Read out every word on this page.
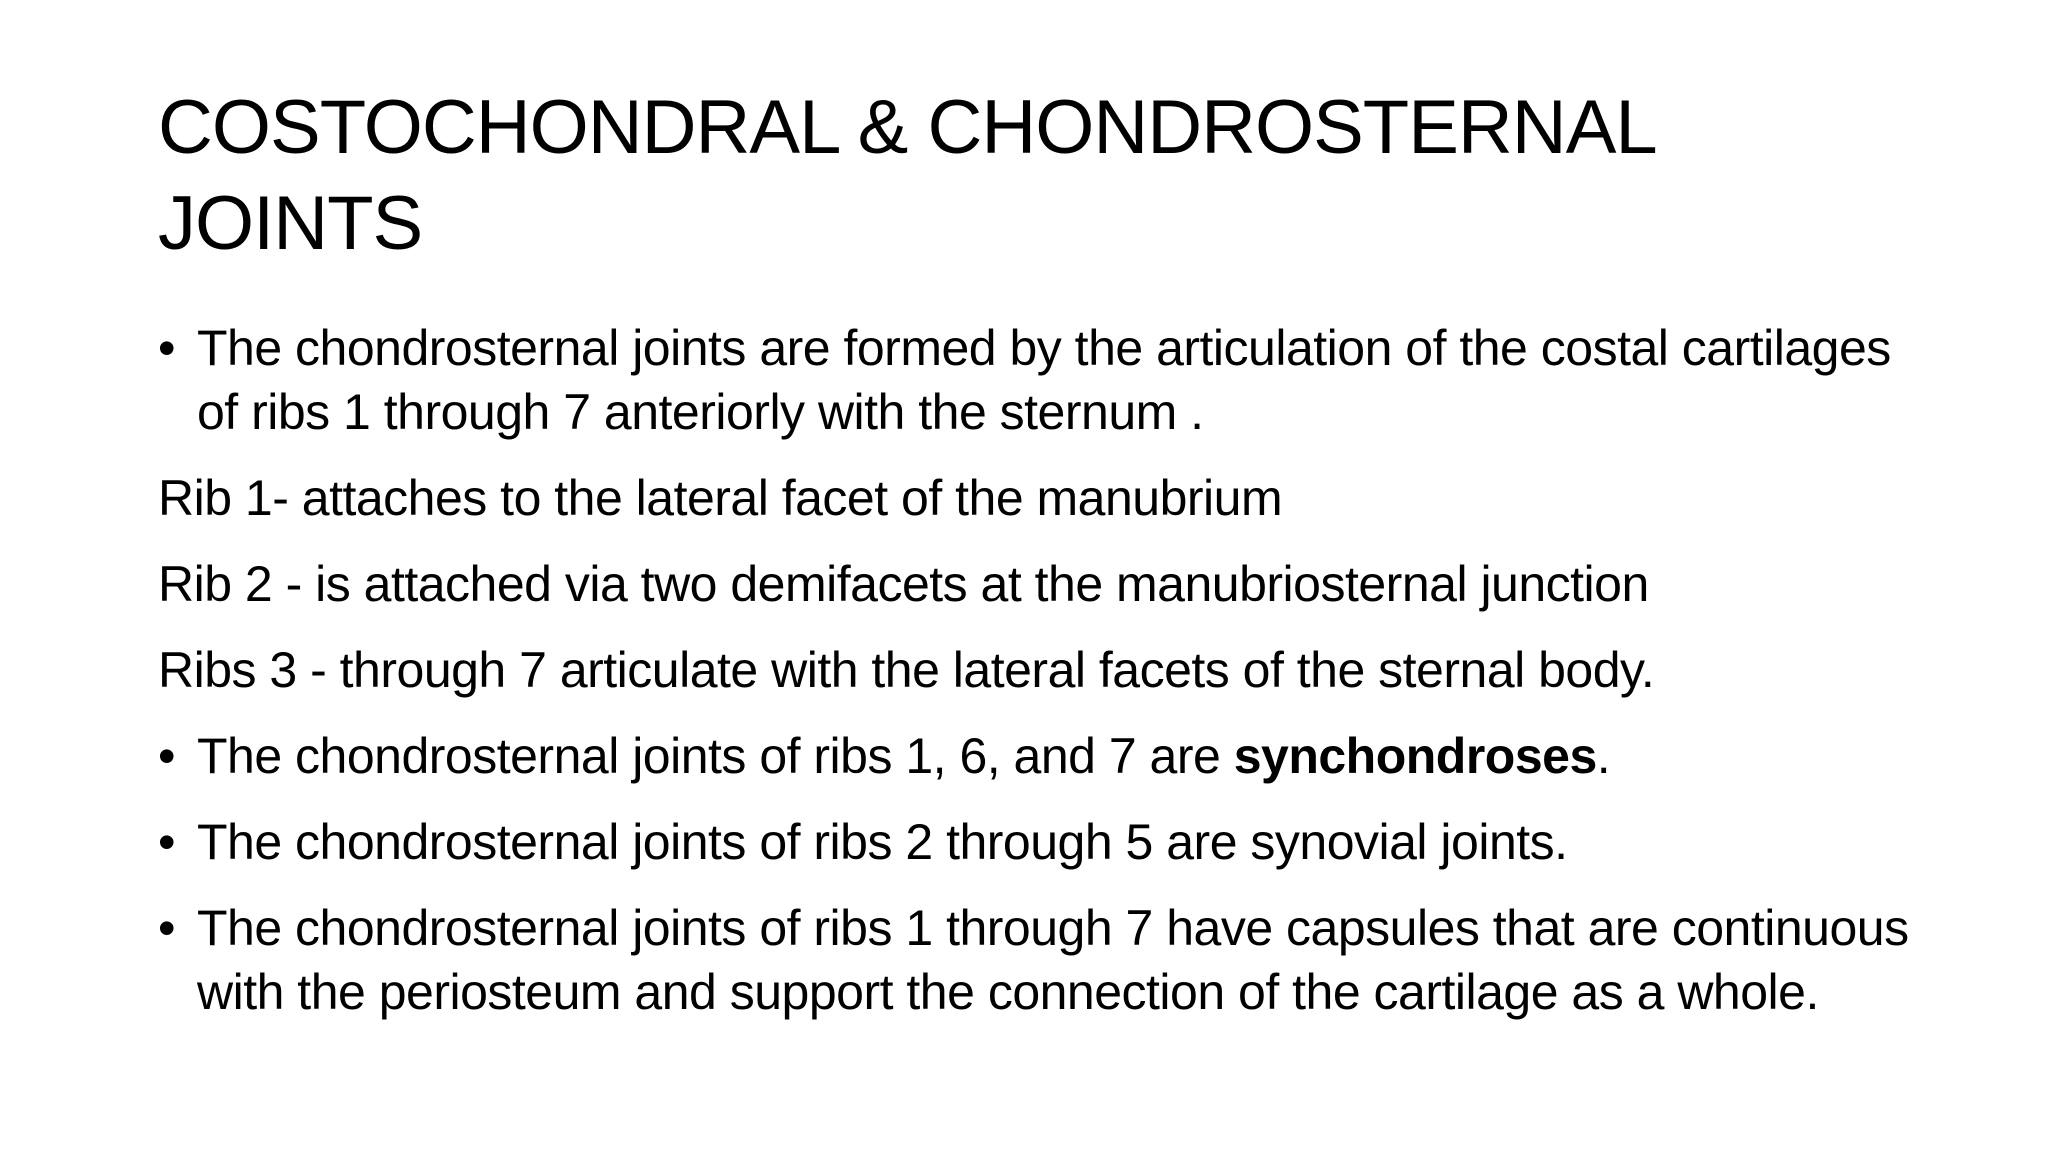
COSTOCHONDRAL & CHONDROSTERNAL JOINTS

• The chondrosternal joints are formed by the articulation of the costal cartilages of ribs 1 through 7 anteriorly with the sternum .

Rib 1- attaches to the lateral facet of the manubrium

Rib 2 - is attached via two demifacets at the manubriosternal junction

Ribs 3 - through 7 articulate with the lateral facets of the sternal body.

• The chondrosternal joints of ribs 1, 6, and 7 are synchondroses.

• The chondrosternal joints of ribs 2 through 5 are synovial joints.

• The chondrosternal joints of ribs 1 through 7 have capsules that are continuous with the periosteum and support the connection of the cartilage as a whole.
